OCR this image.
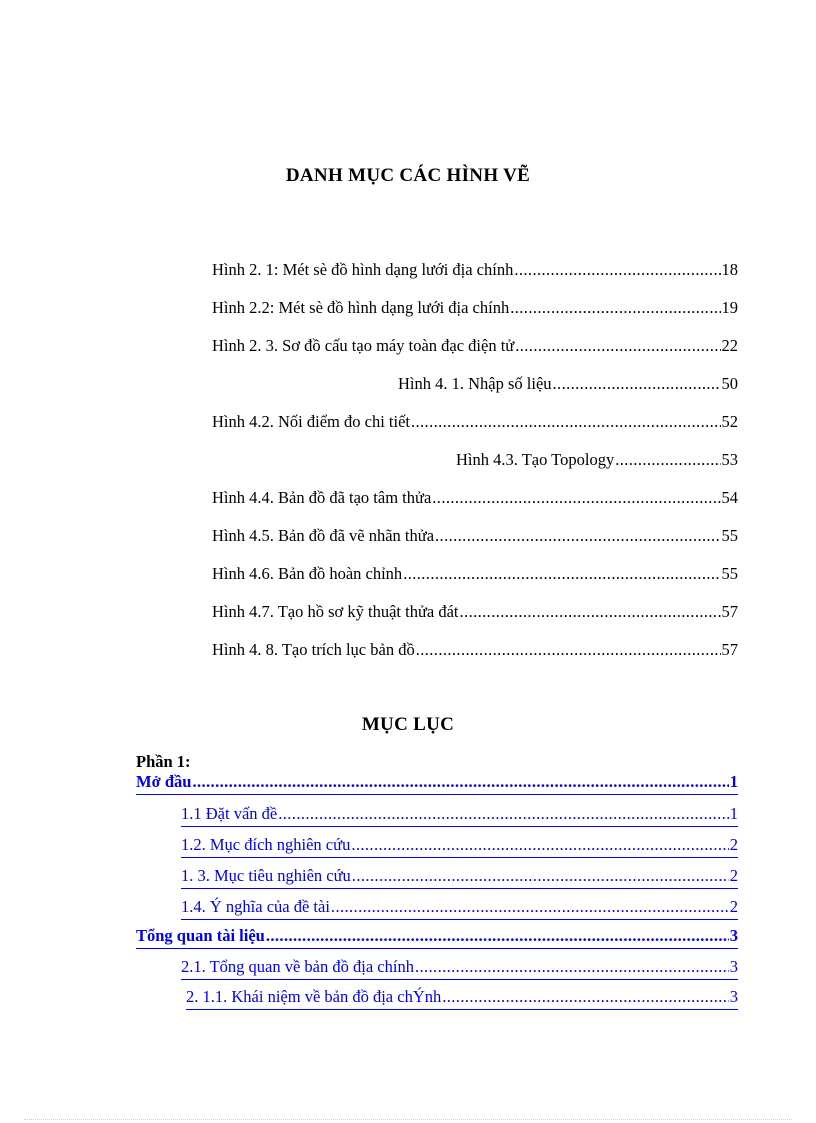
DANH MỤC CÁC HÌNH VẼ
Hình 2. 1: Mét sè đồ hình dạng lưới địa chính .....	18
Hình 2.2: Mét sè đồ hình dạng lưới địa chính .....	19
Hình 2. 3. Sơ đồ cấu tạo máy toàn đạc điện tử .....	22
Hình 4. 1. Nhập số liệu .....	50
Hình 4.2. Nối điểm đo chi tiết .....	52
Hình 4.3. Tạo Topology .....	53
Hình 4.4. Bản đồ đã tạo tâm thửa .....	54
Hình 4.5. Bản đồ đã vẽ nhãn thửa .....	55
Hình 4.6. Bản đồ hoàn chỉnh .....	55
Hình 4.7. Tạo hồ sơ kỹ thuật thửa đát .....	57
Hình 4. 8. Tạo trích lục bản đồ .....	57
MỤC LỤC
Phần 1:
Mở đầu .....	1
1.1 Đặt vấn đề .....	1
1.2. Mục đích nghiên cứu .....	2
1. 3. Mục tiêu nghiên cứu .....	2
1.4. Ý nghĩa của đề tài .....	2
Tổng quan tài liệu .....	3
2.1. Tổng quan về bản đồ địa chính .....	3
2. 1.1. Khái niệm về bản đồ địa chÝnh .....	3
